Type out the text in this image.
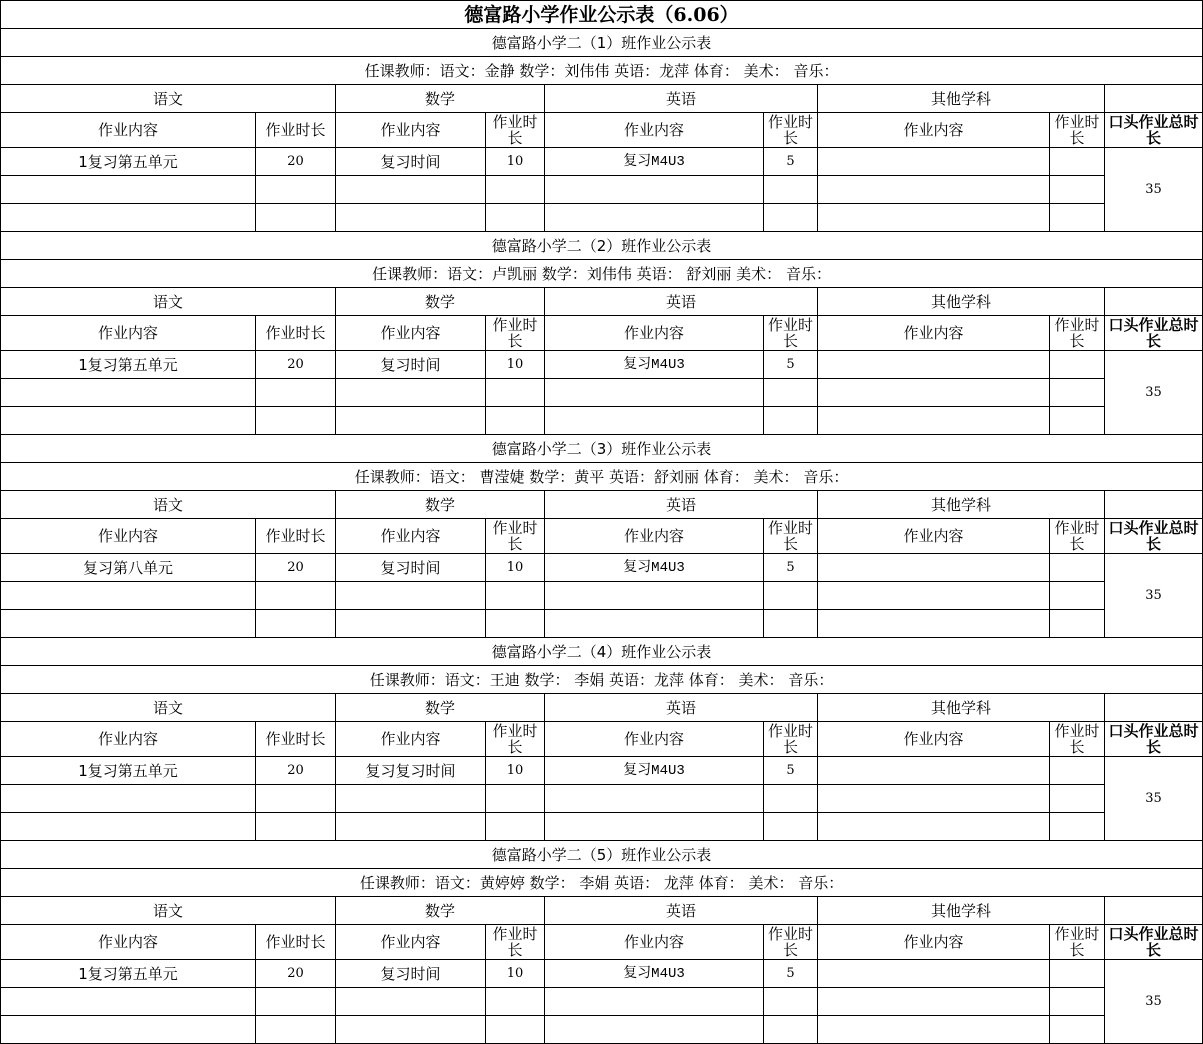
德富路小学作业公示表（6.06）								
德富路小学二（1）班作业公示表								
任课教师：语文：金静 数学：刘伟伟 英语：龙萍 体育： 美术： 音乐：								
语文		数学		英语		其他学科		
作业内容	作业时长	作业内容	作业时长	作业内容	作业时长	作业内容	作业时长	口头作业总时长
1复习第五单元	20	复习时间	10	复习M4U3	5			35

德富路小学二（2）班作业公示表								
任课教师：语文：卢凯丽 数学：刘伟伟 英语： 舒刘丽 美术： 音乐：								
语文		数学		英语		其他学科		
作业内容	作业时长	作业内容	作业时长	作业内容	作业时长	作业内容	作业时长	口头作业总时长
1复习第五单元	20	复习时间	10	复习M4U3	5			35

德富路小学二（3）班作业公示表								
任课教师：语文： 曹滢婕 数学：黄平 英语：舒刘丽 体育： 美术： 音乐：								
语文		数学		英语		其他学科		
作业内容	作业时长	作业内容	作业时长	作业内容	作业时长	作业内容	作业时长	口头作业总时长
复习第八单元	20	复习时间	10	复习M4U3	5			35

德富路小学二（4）班作业公示表								
任课教师：语文：王迪 数学： 李娟 英语：龙萍 体育： 美术： 音乐：								
语文		数学		英语		其他学科		
作业内容	作业时长	作业内容	作业时长	作业内容	作业时长	作业内容	作业时长	口头作业总时长
1复习第五单元	20	复习复习时间	10	复习M4U3	5			35

德富路小学二（5）班作业公示表								
任课教师：语文：黄婷婷 数学： 李娟 英语： 龙萍 体育： 美术： 音乐：								
语文		数学		英语		其他学科		
作业内容	作业时长	作业内容	作业时长	作业内容	作业时长	作业内容	作业时长	口头作业总时长
1复习第五单元	20	复习时间	10	复习M4U3	5			35
